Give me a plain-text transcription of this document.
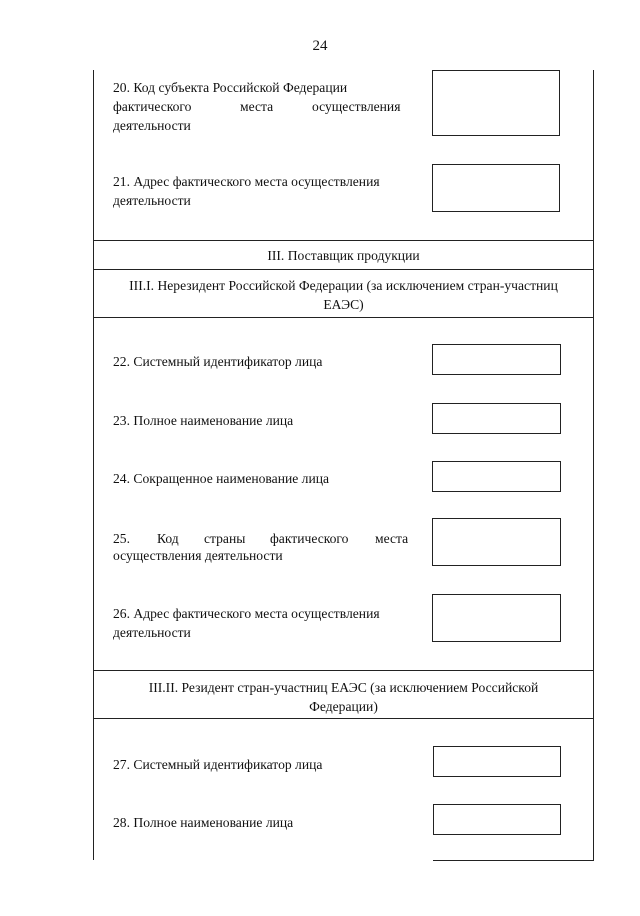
24
20. Код субъекта Российской Федерации
фактического	места	осуществления
деятельности
21. Адрес фактического места осуществления
деятельности
III. Поставщик продукции
III.I. Нерезидент Российской Федерации (за исключением стран-участниц
ЕАЭС)
22. Системный идентификатор лица
23. Полное наименование лица
24. Сокращенное наименование лица
25. Код страны фактического места
осуществления деятельности
26. Адрес фактического места осуществления
деятельности
III.II. Резидент стран-участниц ЕАЭС (за исключением Российской
Федерации)
27. Системный идентификатор лица
28. Полное наименование лица
